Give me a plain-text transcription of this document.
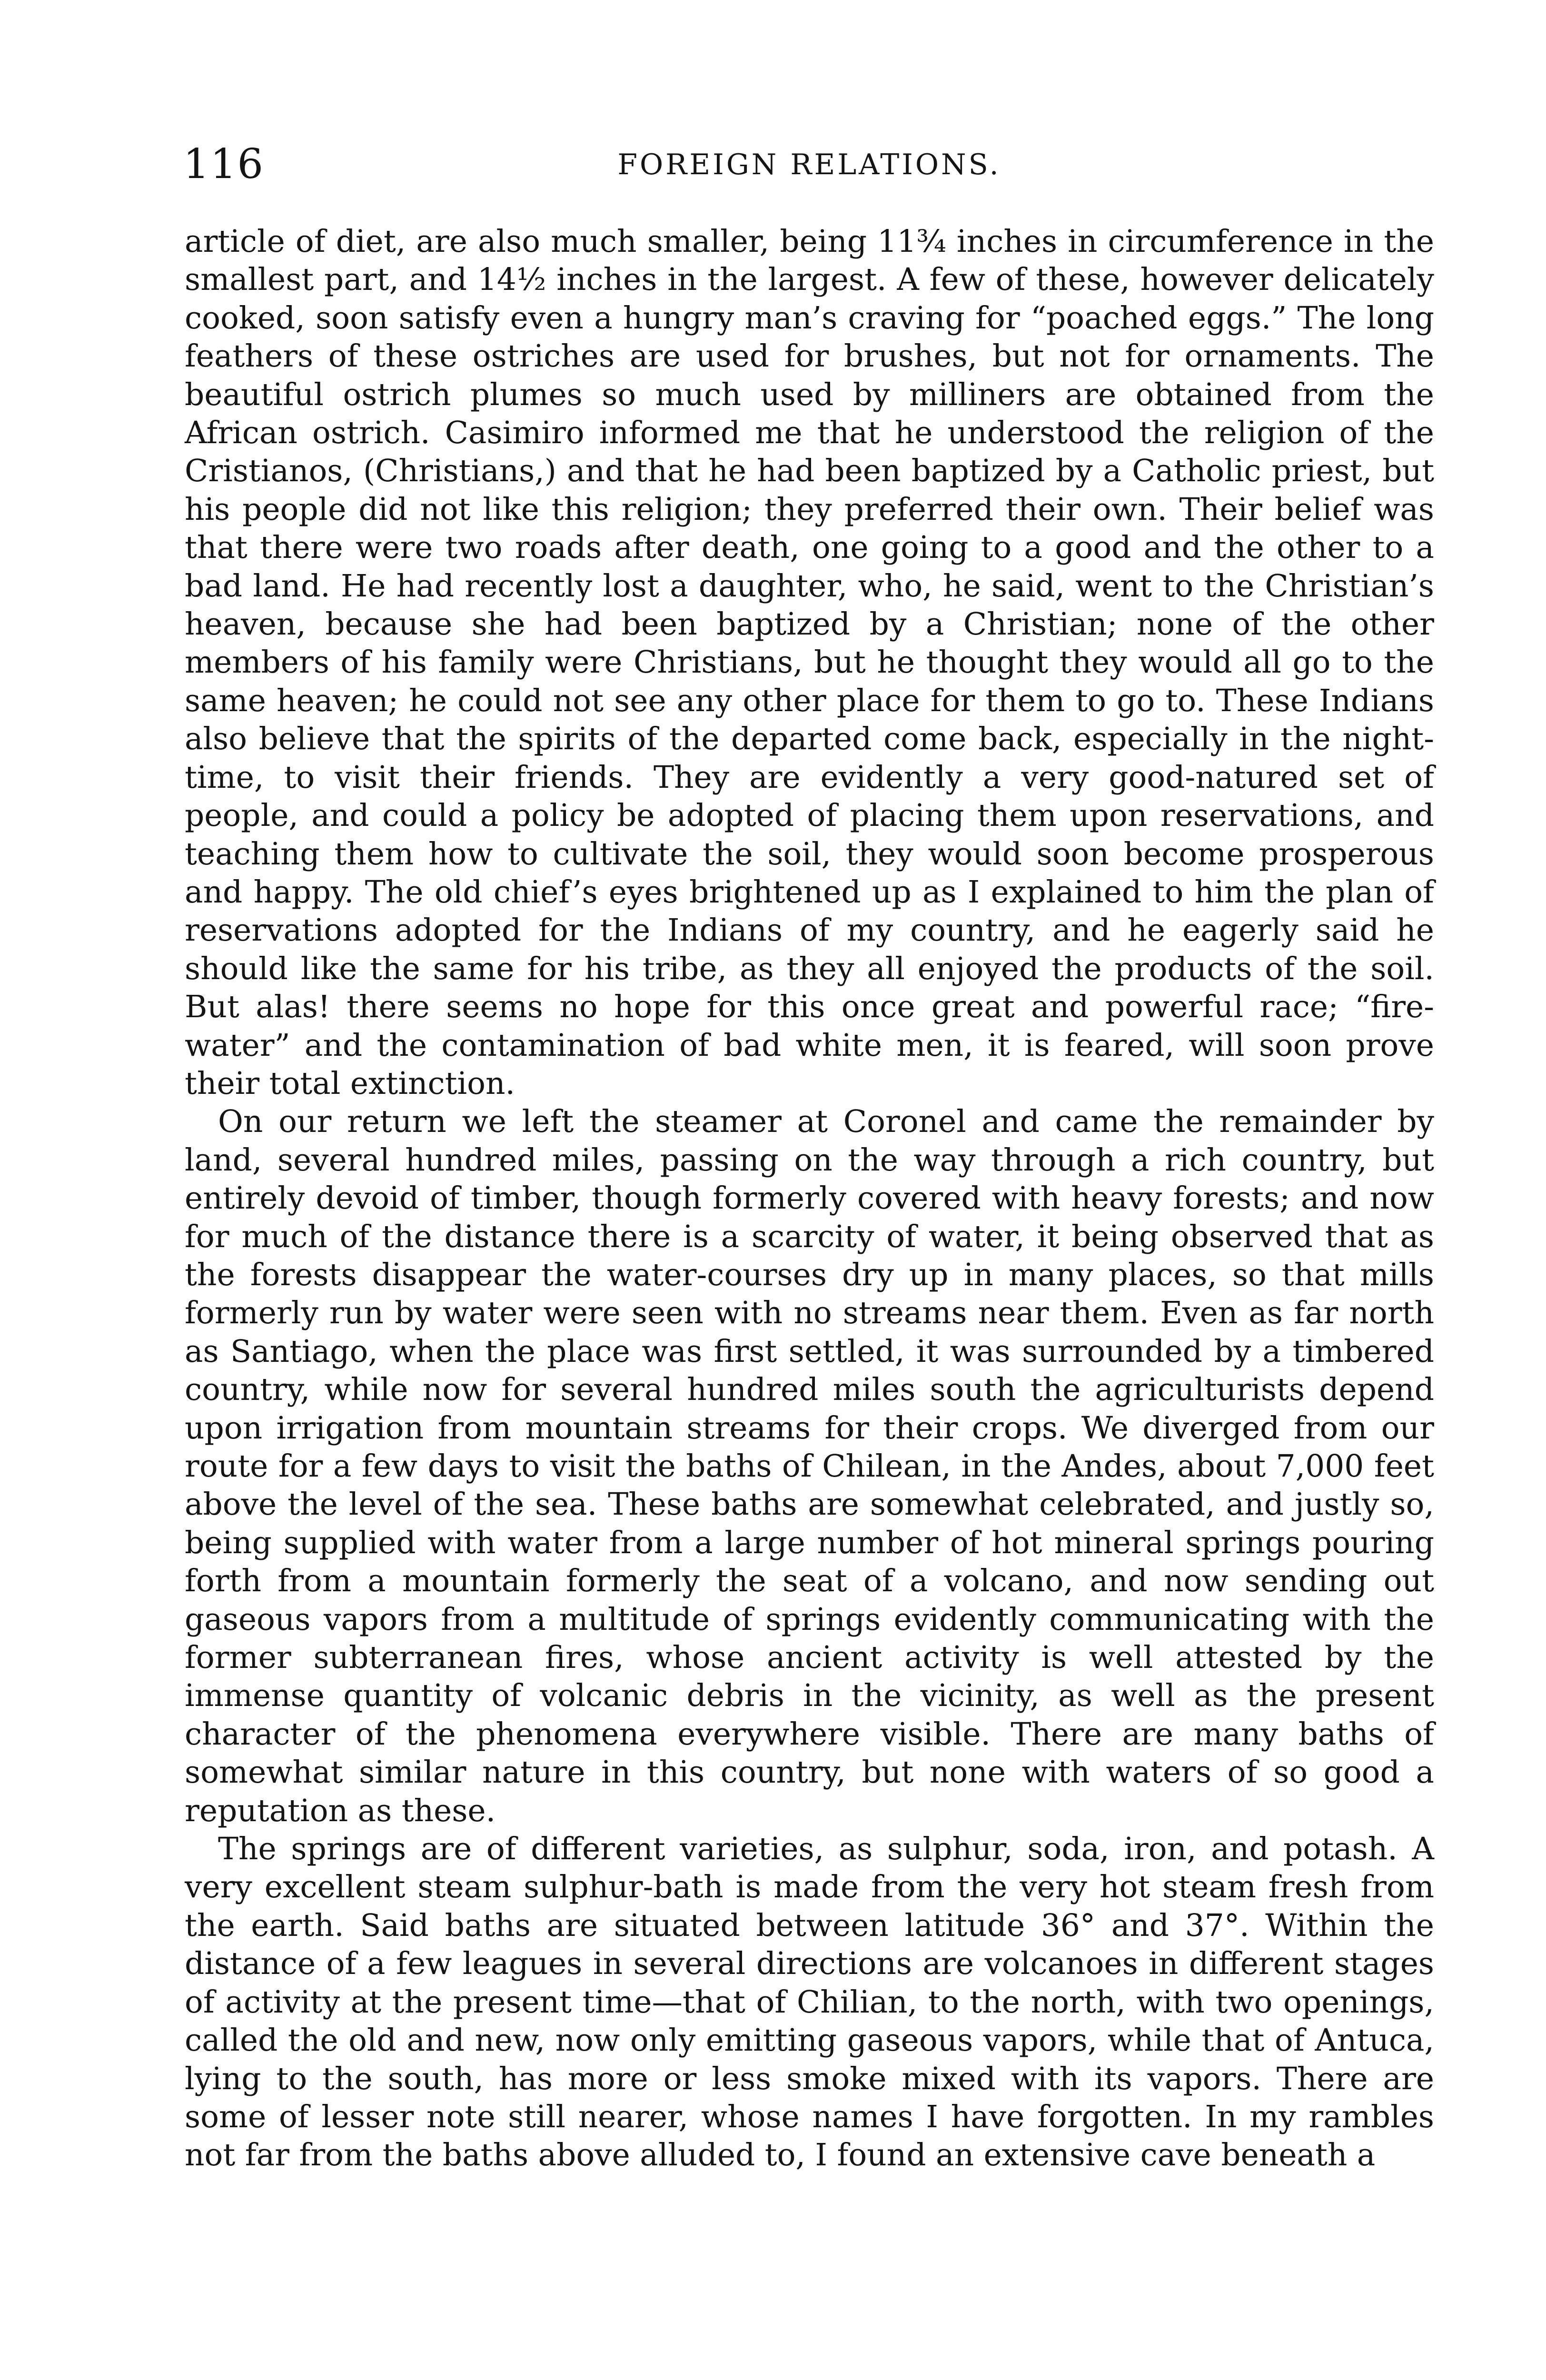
116	FOREIGN RELATIONS.

article of diet, are also much smaller, being 11¾ inches in circumference in the smallest part, and 14½ inches in the largest. A few of these, however delicately cooked, soon satisfy even a hungry man’s craving for “poached eggs.” The long feathers of these ostriches are used for brushes, but not for ornaments. The beautiful ostrich plumes so much used by milliners are obtained from the African ostrich. Casimiro informed me that he understood the religion of the Cristianos, (Christians,) and that he had been baptized by a Catholic priest, but his people did not like this religion; they preferred their own. Their belief was that there were two roads after death, one going to a good and the other to a bad land. He had recently lost a daughter, who, he said, went to the Christian’s heaven, because she had been baptized by a Christian; none of the other members of his family were Christians, but he thought they would all go to the same heaven; he could not see any other place for them to go to. These Indians also believe that the spirits of the departed come back, especially in the night-time, to visit their friends. They are evidently a very good-natured set of people, and could a policy be adopted of placing them upon reservations, and teaching them how to cultivate the soil, they would soon become prosperous and happy. The old chief’s eyes brightened up as I explained to him the plan of reservations adopted for the Indians of my country, and he eagerly said he should like the same for his tribe, as they all enjoyed the products of the soil. But alas! there seems no hope for this once great and powerful race; “fire-water” and the contamination of bad white men, it is feared, will soon prove their total extinction.

On our return we left the steamer at Coronel and came the remainder by land, several hundred miles, passing on the way through a rich country, but entirely devoid of timber, though formerly covered with heavy forests; and now for much of the distance there is a scarcity of water, it being observed that as the forests disappear the water-courses dry up in many places, so that mills formerly run by water were seen with no streams near them. Even as far north as Santiago, when the place was first settled, it was surrounded by a timbered country, while now for several hundred miles south the agriculturists depend upon irrigation from mountain streams for their crops. We diverged from our route for a few days to visit the baths of Chilean, in the Andes, about 7,000 feet above the level of the sea. These baths are somewhat celebrated, and justly so, being supplied with water from a large number of hot mineral springs pouring forth from a mountain formerly the seat of a volcano, and now sending out gaseous vapors from a multitude of springs evidently communicating with the former subterranean fires, whose ancient activity is well attested by the immense quantity of volcanic debris in the vicinity, as well as the present character of the phenomena everywhere visible. There are many baths of somewhat similar nature in this country, but none with waters of so good a reputation as these.

The springs are of different varieties, as sulphur, soda, iron, and potash. A very excellent steam sulphur-bath is made from the very hot steam fresh from the earth. Said baths are situated between latitude 36° and 37°. Within the distance of a few leagues in several directions are volcanoes in different stages of activity at the present time—that of Chilian, to the north, with two openings, called the old and new, now only emitting gaseous vapors, while that of Antuca, lying to the south, has more or less smoke mixed with its vapors. There are some of lesser note still nearer, whose names I have forgotten. In my rambles not far from the baths above alluded to, I found an extensive cave beneath a
